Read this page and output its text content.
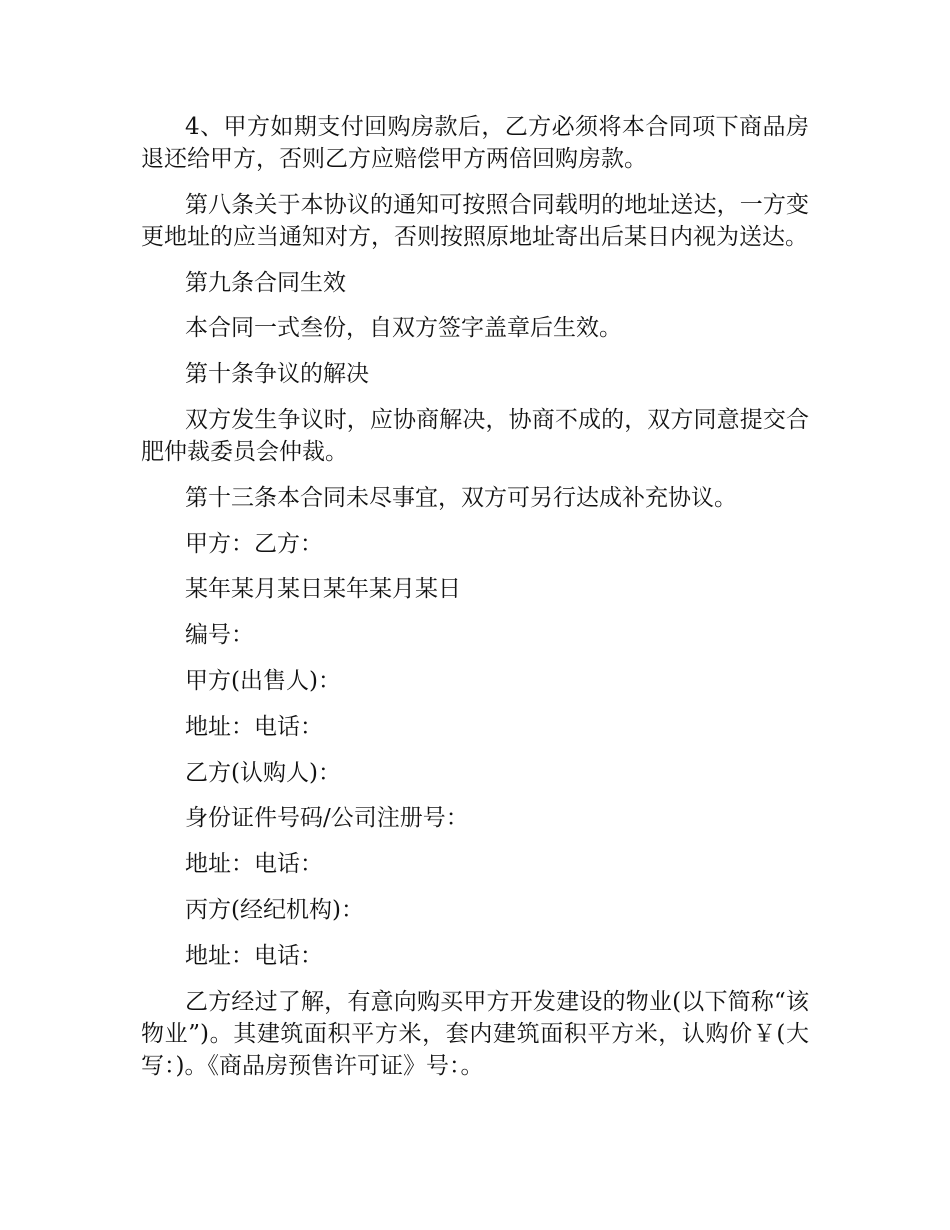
4、甲方如期支付回购房款后，乙方必须将本合同项下商品房退还给甲方，否则乙方应赔偿甲方两倍回购房款。

第八条关于本协议的通知可按照合同载明的地址送达，一方变更地址的应当通知对方，否则按照原地址寄出后某日内视为送达。

第九条合同生效

本合同一式叁份，自双方签字盖章后生效。

第十条争议的解决

双方发生争议时，应协商解决，协商不成的，双方同意提交合肥仲裁委员会仲裁。

第十三条本合同未尽事宜，双方可另行达成补充协议。

甲方：乙方：

某年某月某日某年某月某日

编号：

甲方(出售人)：

地址：电话：

乙方(认购人)：

身份证件号码/公司注册号：

地址：电话：

丙方(经纪机构)：

地址：电话：

乙方经过了解，有意向购买甲方开发建设的物业(以下简称“该物业”)。其建筑面积平方米，套内建筑面积平方米，认购价￥(大写：)。《商品房预售许可证》号：。
